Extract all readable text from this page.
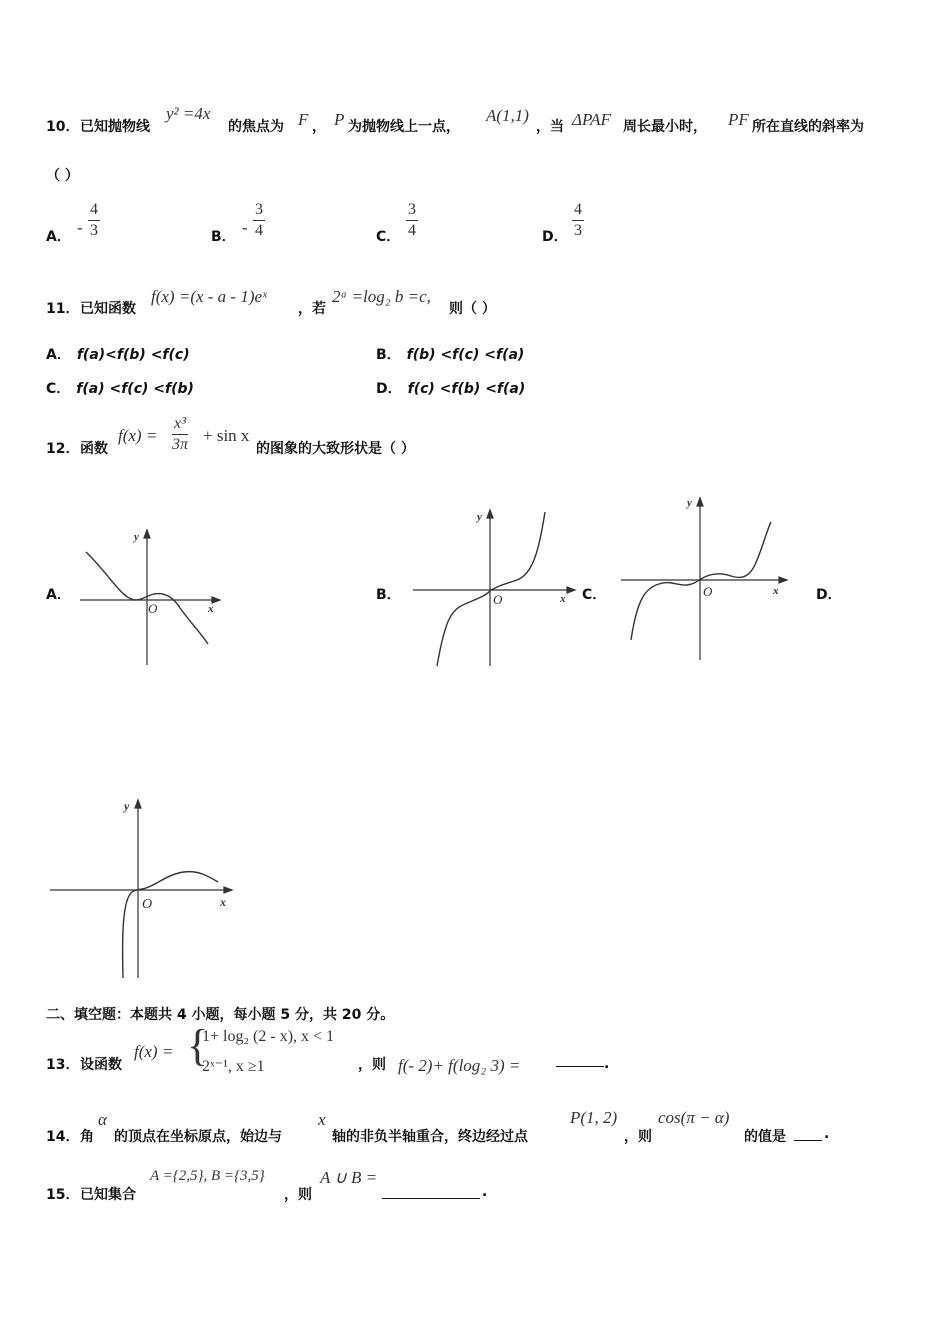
10． 已知抛物线
y² =4x
的焦点为 F ， P 为抛物线上一点，
A(1,1)
，当 ΔPAF 周长最小时， PF 所在直线的斜率为
（ ）
A． - $\frac{4}{3}$	B． - $\frac{3}{4}$	C． $\frac{3}{4}$	D． $\frac{4}{3}$
11． 已知函数
f(x) =(x - a - 1)eˣ
，若
2ᵃ =log₂ b =c,
则（ ）
A． f(a)<f(b) <f(c)	B． f(b) <f(c) <f(a)
C． f(a) <f(c) <f(b)	D． f(c) <f(b) <f(a)
12． 函数
$f(x) = \frac{\text{x³}}{3\pi} + \sin x$
的图象的大致形状是（ ）
A．	B．	C．	D．
y
x
O
y
x
O
y
x
O
y
x
O
二、填空题：本题共 4 小题，每小题 5 分，共 20 分。
13． 设函数
f(x) = {
1+ log₂ (2 - x), x < 1
2ˣ⁻¹, x ≥1	，则 f(- 2)+ f(log₂ 3) =	.
14． 角
α
的顶点在坐标原点，始边与
x
轴的非负半轴重合，终边经过点
P(1, 2)
，则
cos(π − α)
的值是	.
15． 已知集合
A ={2,5}, B ={3,5}
，则
A ∪ B =
.
